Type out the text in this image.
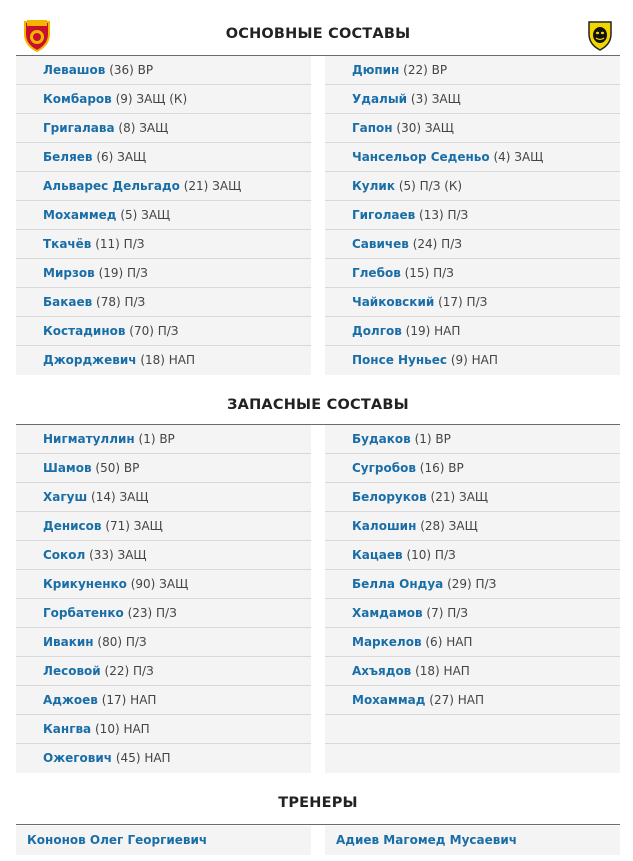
ОСНОВНЫЕ СОСТАВЫ
Левашов (36) ВР
Комбаров (9) ЗАЩ (К)
Григалава (8) ЗАЩ
Беляев (6) ЗАЩ
Альварес Дельгадо (21) ЗАЩ
Мохаммед (5) ЗАЩ
Ткачёв (11) П/З
Мирзов (19) П/З
Бакаев (78) П/З
Костадинов (70) П/З
Джорджевич (18) НАП
Дюпин (22) ВР
Удалый (3) ЗАЩ
Гапон (30) ЗАЩ
Чансельор Седеньо (4) ЗАЩ
Кулик (5) П/З (К)
Гиголаев (13) П/З
Савичев (24) П/З
Глебов (15) П/З
Чайковский (17) П/З
Долгов (19) НАП
Понсе Нуньес (9) НАП
ЗАПАСНЫЕ СОСТАВЫ
Нигматуллин (1) ВР
Шамов (50) ВР
Хагуш (14) ЗАЩ
Денисов (71) ЗАЩ
Сокол (33) ЗАЩ
Крикуненко (90) ЗАЩ
Горбатенко (23) П/З
Ивакин (80) П/З
Лесовой (22) П/З
Аджоев (17) НАП
Кангва (10) НАП
Ожегович (45) НАП
Будаков (1) ВР
Сугробов (16) ВР
Белоруков (21) ЗАЩ
Калошин (28) ЗАЩ
Кацаев (10) П/З
Белла Ондуа (29) П/З
Хамдамов (7) П/З
Маркелов (6) НАП
Ахъядов (18) НАП
Мохаммад (27) НАП
ТРЕНЕРЫ
Кононов Олег Георгиевич	Адиев Магомед Мусаевич
